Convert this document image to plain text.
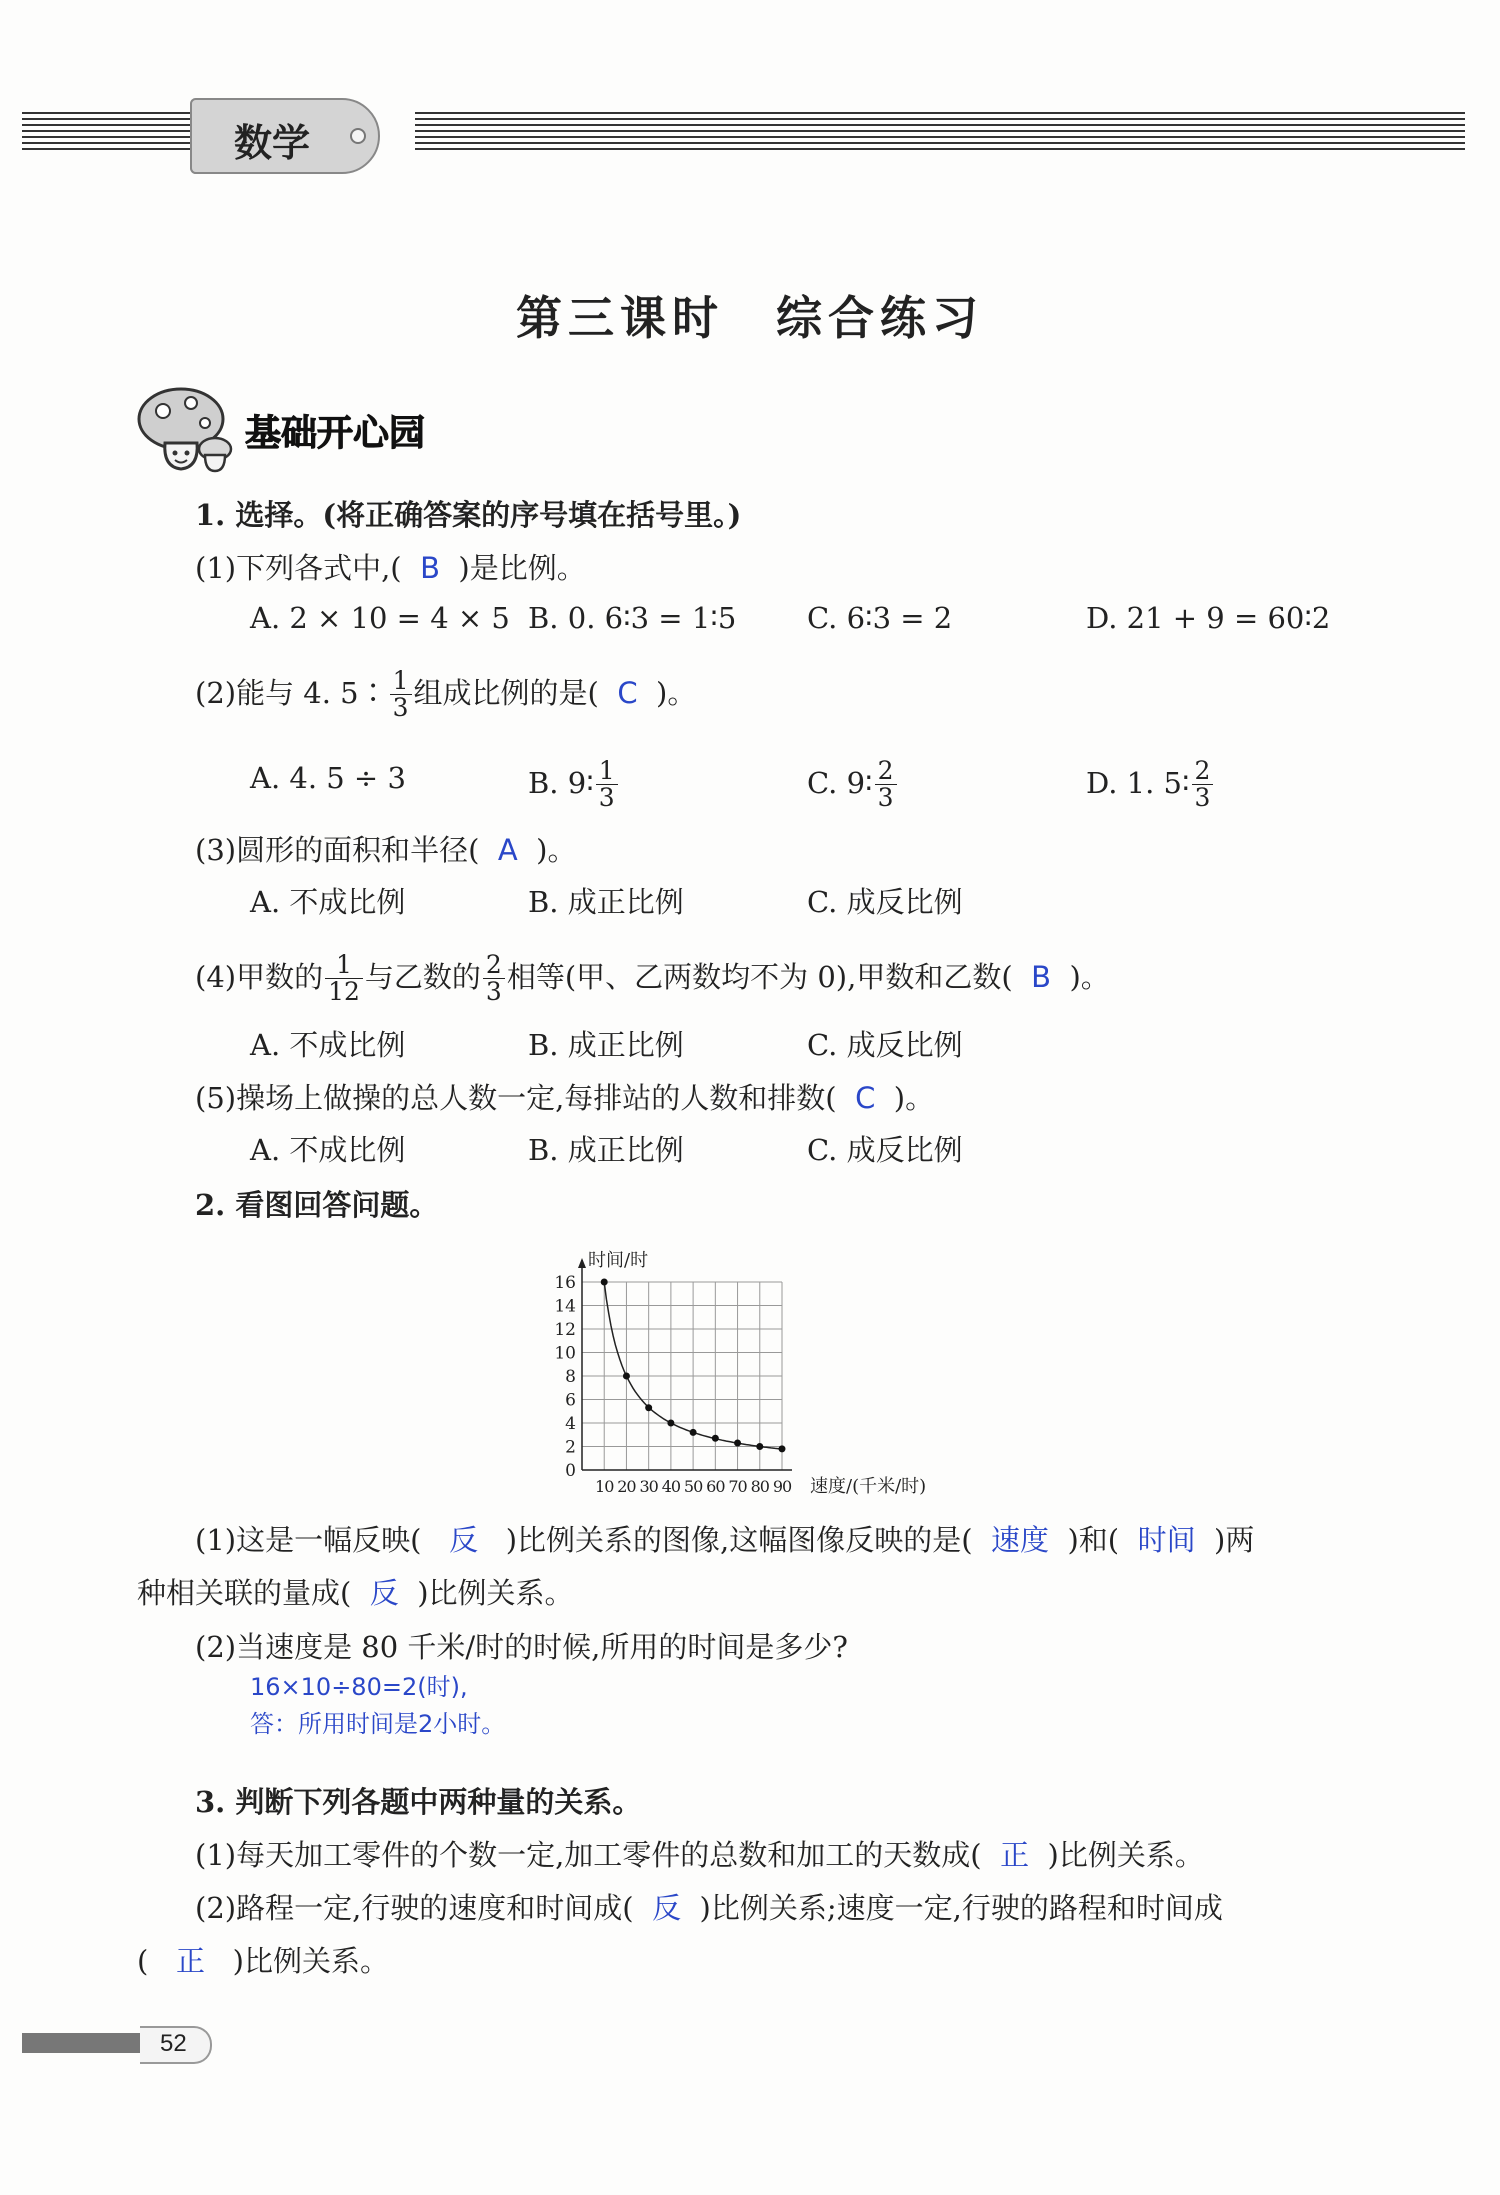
数学
第三课时　综合练习
基础开心园
1. 选择。(将正确答案的序号填在括号里。)
(1)下列各式中,( B )是比例。
A. 2 × 10 = 4 × 5 B. 0. 6∶3 = 1∶5 C. 6∶3 = 2	D. 21 + 9 = 60∶2
(2)能与 4. 5∶ $\frac{1}{3}$ 组成比例的是( C )。
A. 4. 5 ÷ 3	B. 9∶ $\frac{1}{3}$	C. 9∶ $\frac{2}{3}$	D. 1. 5∶ $\frac{2}{3}$
(3)圆形的面积和半径( A )。
A. 不成比例	B. 成正比例	C. 成反比例
(4)甲数的 $\frac{1}{12}$ 与乙数的 $\frac{2}{3}$ 相等(甲、乙两数均不为 0),甲数和乙数( B )。
A. 不成比例	B. 成正比例	C. 成反比例
(5)操场上做操的总人数一定,每排站的人数和排数( C )。
A. 不成比例	B. 成正比例	C. 成反比例
2. 看图回答问题。
0
2
4
6
8
10
12
14
16
10 20 30 40 50 60 70 80 90
时间/时
速度/(千米/时)
(1)这是一幅反映( 反 )比例关系的图像,这幅图像反映的是( 速度 )和( 时间 )两
种相关联的量成( 反 )比例关系。
(2)当速度是 80 千米/时的时候,所用的时间是多少?
16×10÷80=2(时),
答：所用时间是2小时。
3. 判断下列各题中两种量的关系。
(1)每天加工零件的个数一定,加工零件的总数和加工的天数成( 正 )比例关系。
(2)路程一定,行驶的速度和时间成( 反 )比例关系;速度一定,行驶的路程和时间成
( 正 )比例关系。
52
